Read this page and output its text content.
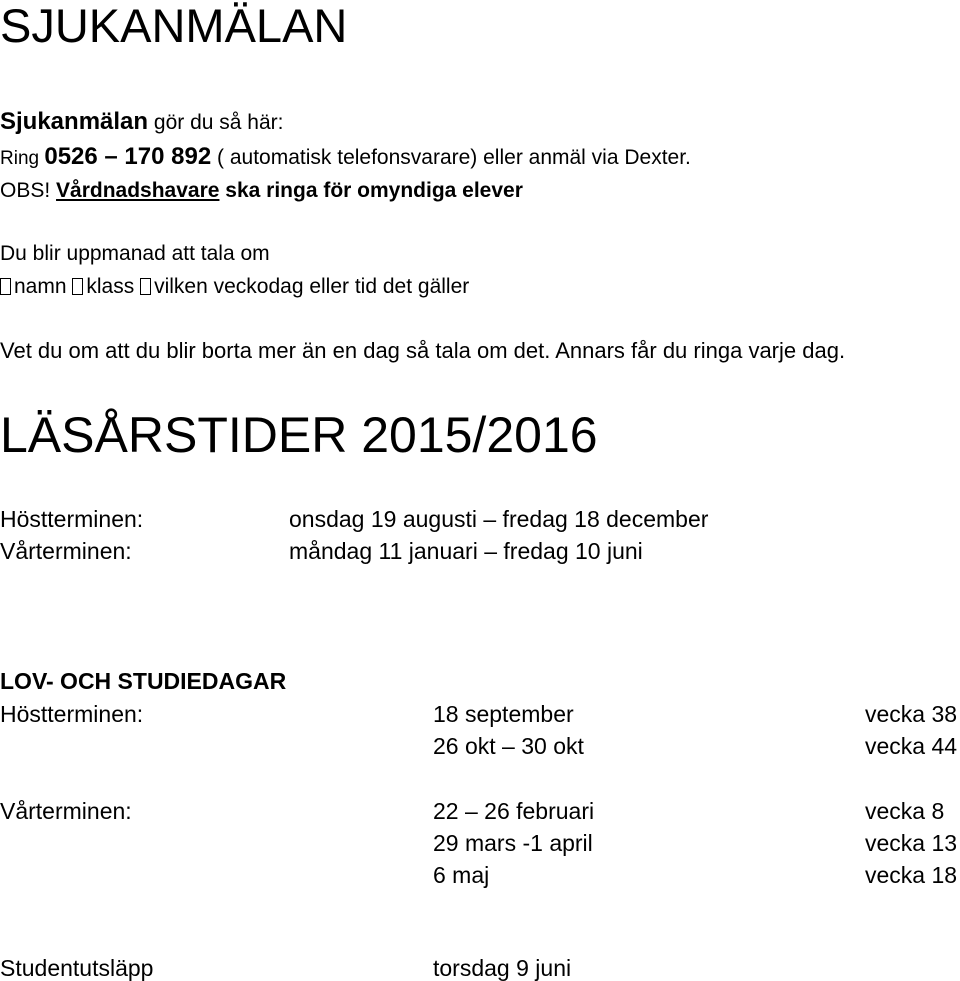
SJUKANMÄLAN
Sjukanmälan gör du så här:
Ring 0526 – 170 892 ( automatisk telefonsvarare) eller anmäl via Dexter.
OBS! Vårdnadshavare ska ringa för omyndiga elever
Du blir uppmanad att tala om
namn klass vilken veckodag eller tid det gäller
Vet du om att du blir borta mer än en dag så tala om det. Annars får du ringa varje dag.
LÄSÅRSTIDER 2015/2016
Höstterminen:	onsdag 19 augusti – fredag 18 december
Vårterminen:	måndag 11 januari – fredag 10 juni
LOV- OCH STUDIEDAGAR
Höstterminen:	18 september	vecka 38
26 okt – 30 okt	vecka 44
Vårterminen:	22 – 26 februari	vecka 8
29 mars -1 april	vecka 13
6 maj	vecka 18
Studentutsläpp	torsdag 9 juni
